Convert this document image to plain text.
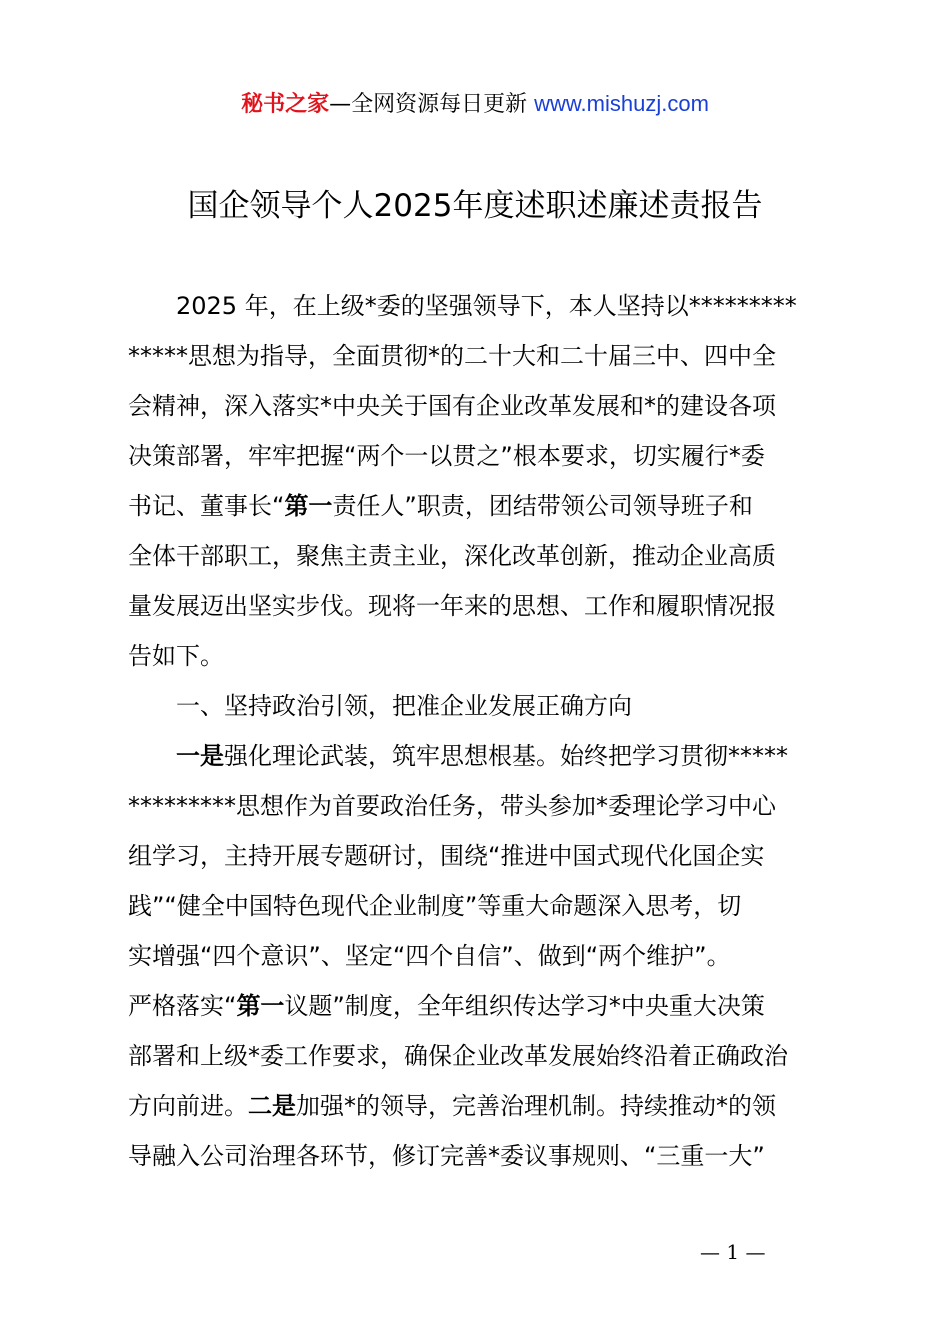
秘书之家—全网资源每日更新 www.mishuzj.com
国企领导个人2025年度述职述廉述责报告
2025 年，在上级*委的坚强领导下，本人坚持以*********
*****思想为指导，全面贯彻*的二十大和二十届三中、四中全
会精神，深入落实*中央关于国有企业改革发展和*的建设各项
决策部署，牢牢把握“两个一以贯之”根本要求，切实履行*委
书记、董事长“第一责任人”职责，团结带领公司领导班子和
全体干部职工，聚焦主责主业，深化改革创新，推动企业高质
量发展迈出坚实步伐。现将一年来的思想、工作和履职情况报
告如下。
一、坚持政治引领，把准企业发展正确方向
一是强化理论武装，筑牢思想根基。始终把学习贯彻*****
*********思想作为首要政治任务，带头参加*委理论学习中心
组学习，主持开展专题研讨，围绕“推进中国式现代化国企实
践”“健全中国特色现代企业制度”等重大命题深入思考，切
实增强“四个意识”、坚定“四个自信”、做到“两个维护”。
严格落实“第一议题”制度，全年组织传达学习*中央重大决策
部署和上级*委工作要求，确保企业改革发展始终沿着正确政治
方向前进。二是加强*的领导，完善治理机制。持续推动*的领
导融入公司治理各环节，修订完善*委议事规则、“三重一大”
— 1 —
